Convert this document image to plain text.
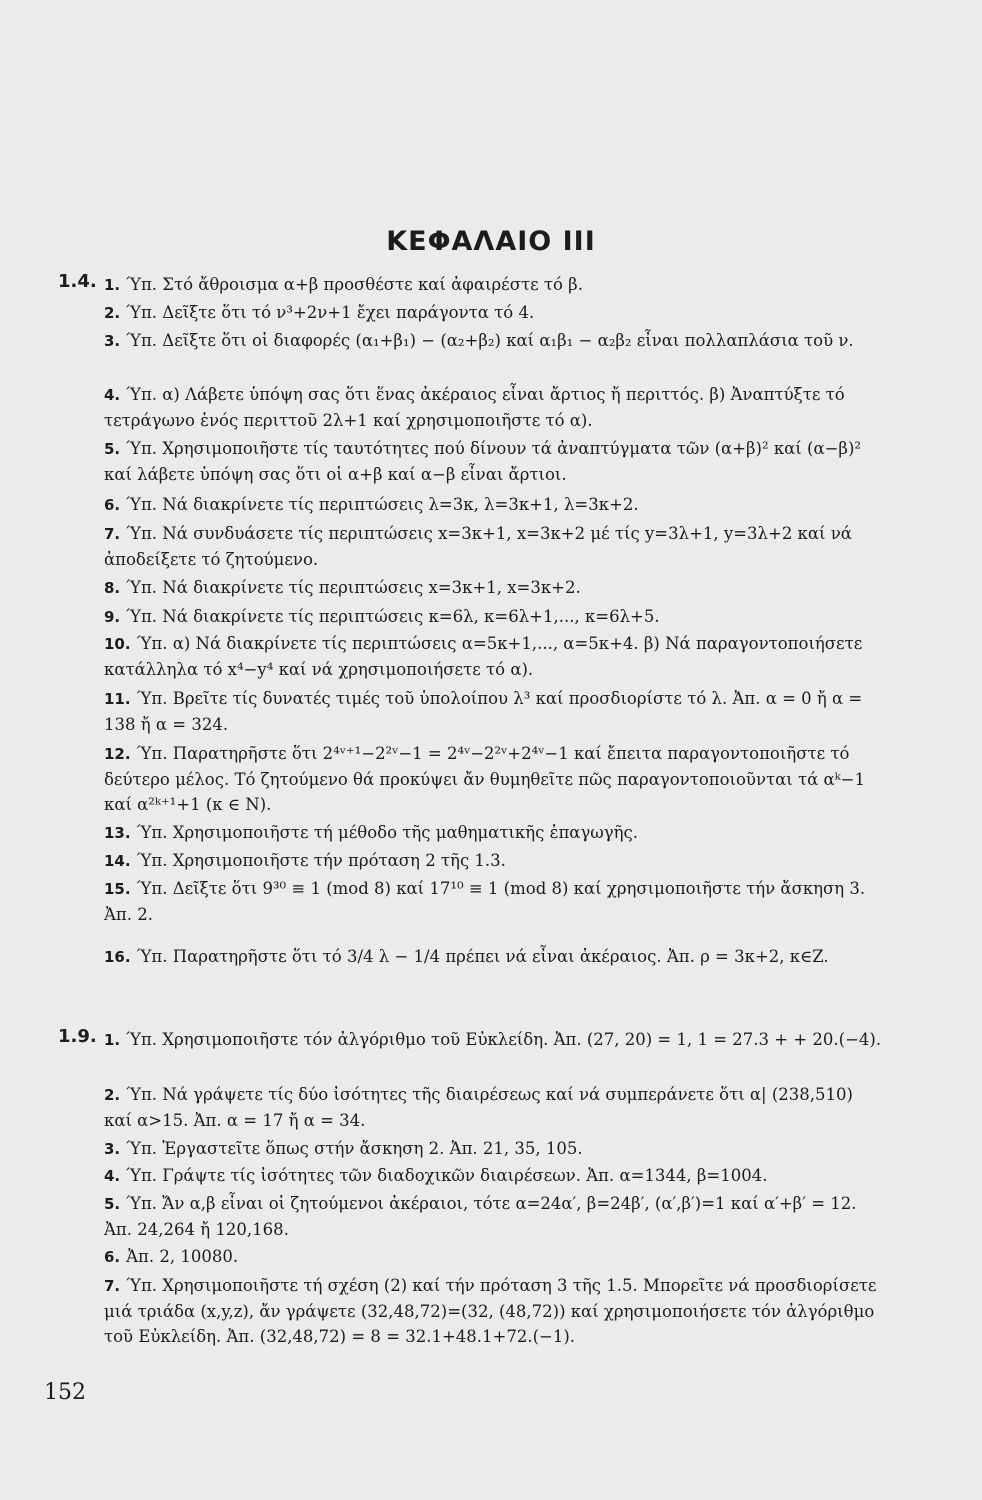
ΚΕΦΑΛΑΙΟ ΙΙΙ
1.4. 1. Ύπ. Στό ἄθροισμα α+β προσθέστε καί ἀφαιρέστε τό β.
2. Ύπ. Δεῖξτε ὅτι τό ν³+2ν+1 ἔχει παράγοντα τό 4.
3. Ύπ. Δεῖξτε ὅτι οἱ διαφορές (α₁+β₁) − (α₂+β₂) καί α₁β₁ − α₂β₂ εἶναι πολλαπλάσια τοῦ ν.
4. Ύπ. α) Λάβετε ὑπόψη σας ὅτι ἕνας ἀκέραιος εἶναι ἄρτιος ἤ περιττός. β) Ἀναπτύξτε τό τετράγωνο ἑνός περιττοῦ 2λ+1 καί χρησιμοποιῆστε τό α).
5. Ύπ. Χρησιμοποιῆστε τίς ταυτότητες πού δίνουν τά ἀναπτύγματα τῶν (α+β)² καί (α−β)² καί λάβετε ὑπόψη σας ὅτι οἱ α+β καί α−β εἶναι ἄρτιοι.
6. Ύπ. Νά διακρίνετε τίς περιπτώσεις λ=3κ, λ=3κ+1, λ=3κ+2.
7. Ύπ. Νά συνδυάσετε τίς περιπτώσεις x=3κ+1, x=3κ+2 μέ τίς y=3λ+1, y=3λ+2 καί νά ἀποδείξετε τό ζητούμενο.
8. Ύπ. Νά διακρίνετε τίς περιπτώσεις x=3κ+1, x=3κ+2.
9. Ύπ. Νά διακρίνετε τίς περιπτώσεις κ=6λ, κ=6λ+1,..., κ=6λ+5.
10. Ύπ. α) Νά διακρίνετε τίς περιπτώσεις α=5κ+1,..., α=5κ+4. β) Νά παραγοντοποιήσετε κατάλληλα τό x⁴−y⁴ καί νά χρησιμοποιήσετε τό α).
11. Ύπ. Βρεῖτε τίς δυνατές τιμές τοῦ ὑπολοίπου λ³ καί προσδιορίστε τό λ. Ἀπ. α = 0 ἤ α = 138 ἤ α = 324.
12. Ύπ. Παρατηρῆστε ὅτι 2⁴ᵛ⁺¹−2²ᵛ−1 = 2⁴ᵛ−2²ᵛ+2⁴ᵛ−1 καί ἔπειτα παραγοντοποιῆστε τό δεύτερο μέλος. Τό ζητούμενο θά προκύψει ἄν θυμηθεῖτε πῶς παραγοντοποιοῦνται τά αᵏ−1 καί α²ᵏ⁺¹+1 (κ ∈ N).
13. Ύπ. Χρησιμοποιῆστε τή μέθοδο τῆς μαθηματικῆς ἐπαγωγῆς.
14. Ύπ. Χρησιμοποιῆστε τήν πρόταση 2 τῆς 1.3.
15. Ύπ. Δεῖξτε ὅτι 9³⁰ ≡ 1 (mod 8) καί 17¹⁰ ≡ 1 (mod 8) καί χρησιμοποιῆστε τήν ἄσκηση 3. Ἀπ. 2.
16. Ύπ. Παρατηρῆστε ὅτι τό 3/4 λ − 1/4 πρέπει νά εἶναι ἀκέραιος. Ἀπ. ρ = 3κ+2, κ∈Z.
1.9. 1. Ύπ. Χρησιμοποιῆστε τόν ἀλγόριθμο τοῦ Εὐκλείδη. Ἀπ. (27, 20) = 1, 1 = 27.3 + + 20.(−4).
2. Ύπ. Νά γράψετε τίς δύο ἰσότητες τῆς διαιρέσεως καί νά συμπεράνετε ὅτι α| (238,510) καί α>15. Ἀπ. α = 17 ἤ α = 34.
3. Ύπ. Ἐργαστεῖτε ὅπως στήν ἄσκηση 2. Ἀπ. 21, 35, 105.
4. Ύπ. Γράψτε τίς ἰσότητες τῶν διαδοχικῶν διαιρέσεων. Ἀπ. α=1344, β=1004.
5. Ύπ. Ἄν α,β εἶναι οἱ ζητούμενοι ἀκέραιοι, τότε α=24α′, β=24β′, (α′,β′)=1 καί α′+β′ = 12. Ἀπ. 24,264 ἤ 120,168.
6. Ἀπ. 2, 10080.
7. Ύπ. Χρησιμοποιῆστε τή σχέση (2) καί τήν πρόταση 3 τῆς 1.5. Μπορεῖτε νά προσδιορίσετε μιά τριάδα (x,y,z), ἄν γράψετε (32,48,72)=(32, (48,72)) καί χρησιμοποιήσετε τόν ἀλγόριθμο τοῦ Εὐκλείδη. Ἀπ. (32,48,72) = 8 = 32.1+48.1+72.(−1).
152
